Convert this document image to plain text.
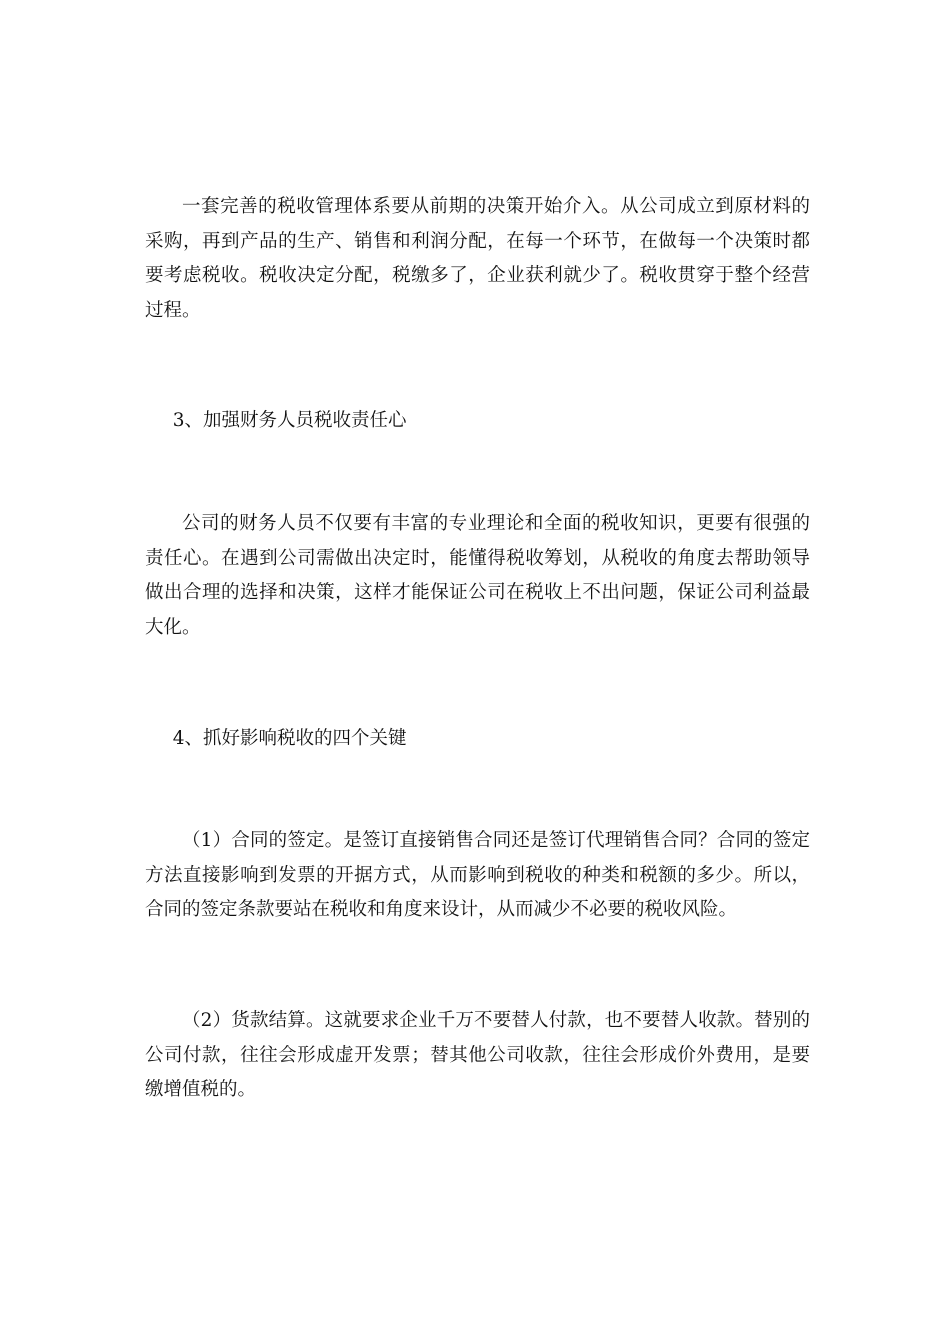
一套完善的税收管理体系要从前期的决策开始介入。从公司成立到原材料的采购，再到产品的生产、销售和利润分配，在每一个环节，在做每一个决策时都要考虑税收。税收决定分配，税缴多了，企业获利就少了。税收贯穿于整个经营过程。

3、加强财务人员税收责任心

公司的财务人员不仅要有丰富的专业理论和全面的税收知识，更要有很强的责任心。在遇到公司需做出决定时，能懂得税收筹划，从税收的角度去帮助领导做出合理的选择和决策，这样才能保证公司在税收上不出问题，保证公司利益最大化。

4、抓好影响税收的四个关键

（1）合同的签定。是签订直接销售合同还是签订代理销售合同？合同的签定方法直接影响到发票的开据方式，从而影响到税收的种类和税额的多少。所以，合同的签定条款要站在税收和角度来设计，从而减少不必要的税收风险。

（2）货款结算。这就要求企业千万不要替人付款，也不要替人收款。替别的公司付款，往往会形成虚开发票；替其他公司收款，往往会形成价外费用，是要缴增值税的。
